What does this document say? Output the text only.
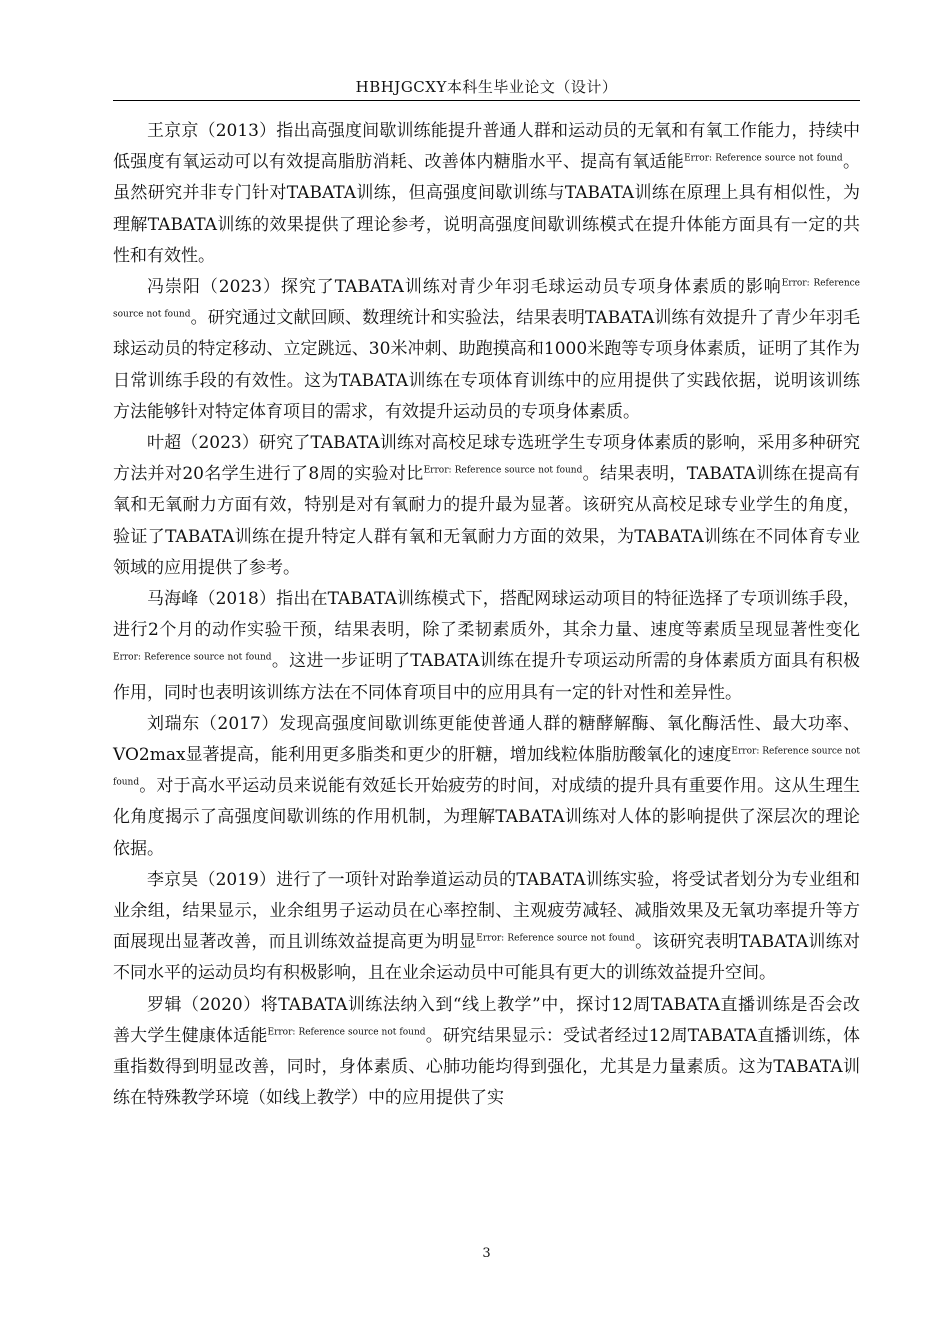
HBHJGCXY本科生毕业论文（设计）

王京京（2013）指出高强度间歇训练能提升普通人群和运动员的无氧和有氧工作能力，持续中低强度有氧运动可以有效提高脂肪消耗、改善体内糖脂水平、提高有氧适能$^{Error: Reference source not found}$。虽然研究并非专门针对TABATA训练，但高强度间歇训练与TABATA训练在原理上具有相似性，为理解TABATA训练的效果提供了理论参考，说明高强度间歇训练模式在提升体能方面具有一定的共性和有效性。

冯崇阳（2023）探究了TABATA训练对青少年羽毛球运动员专项身体素质的影响$^{Error: Reference source not found}$。研究通过文献回顾、数理统计和实验法，结果表明TABATA训练有效提升了青少年羽毛球运动员的特定移动、立定跳远、30米冲刺、助跑摸高和1000米跑等专项身体素质，证明了其作为日常训练手段的有效性。这为TABATA训练在专项体育训练中的应用提供了实践依据，说明该训练方法能够针对特定体育项目的需求，有效提升运动员的专项身体素质。

叶超（2023）研究了TABATA训练对高校足球专选班学生专项身体素质的影响，采用多种研究方法并对20名学生进行了8周的实验对比$^{Error: Reference source not found}$。结果表明，TABATA训练在提高有氧和无氧耐力方面有效，特别是对有氧耐力的提升最为显著。该研究从高校足球专业学生的角度，验证了TABATA训练在提升特定人群有氧和无氧耐力方面的效果，为TABATA训练在不同体育专业领域的应用提供了参考。

马海峰（2018）指出在TABATA训练模式下，搭配网球运动项目的特征选择了专项训练手段，进行2个月的动作实验干预，结果表明，除了柔韧素质外，其余力量、速度等素质呈现显著性变化$^{Error: Reference source not found}$。这进一步证明了TABATA训练在提升专项运动所需的身体素质方面具有积极作用，同时也表明该训练方法在不同体育项目中的应用具有一定的针对性和差异性。

刘瑞东（2017）发现高强度间歇训练更能使普通人群的糖酵解酶、氧化酶活性、最大功率、VO2max显著提高，能利用更多脂类和更少的肝糖，增加线粒体脂肪酸氧化的速度$^{Error: Reference source not found}$。对于高水平运动员来说能有效延长开始疲劳的时间，对成绩的提升具有重要作用。这从生理生化角度揭示了高强度间歇训练的作用机制，为理解TABATA训练对人体的影响提供了深层次的理论依据。

李京昊（2019）进行了一项针对跆拳道运动员的TABATA训练实验，将受试者划分为专业组和业余组，结果显示，业余组男子运动员在心率控制、主观疲劳减轻、减脂效果及无氧功率提升等方面展现出显著改善，而且训练效益提高更为明显$^{Error: Reference source not found}$。该研究表明TABATA训练对不同水平的运动员均有积极影响，且在业余运动员中可能具有更大的训练效益提升空间。

罗辑（2020）将TABATA训练法纳入到“线上教学”中，探讨12周TABATA直播训练是否会改善大学生健康体适能$^{Error: Reference source not found}$。研究结果显示：受试者经过12周TABATA直播训练，体重指数得到明显改善，同时，身体素质、心肺功能均得到强化，尤其是力量素质。这为TABATA训练在特殊教学环境（如线上教学）中的应用提供了实

3
